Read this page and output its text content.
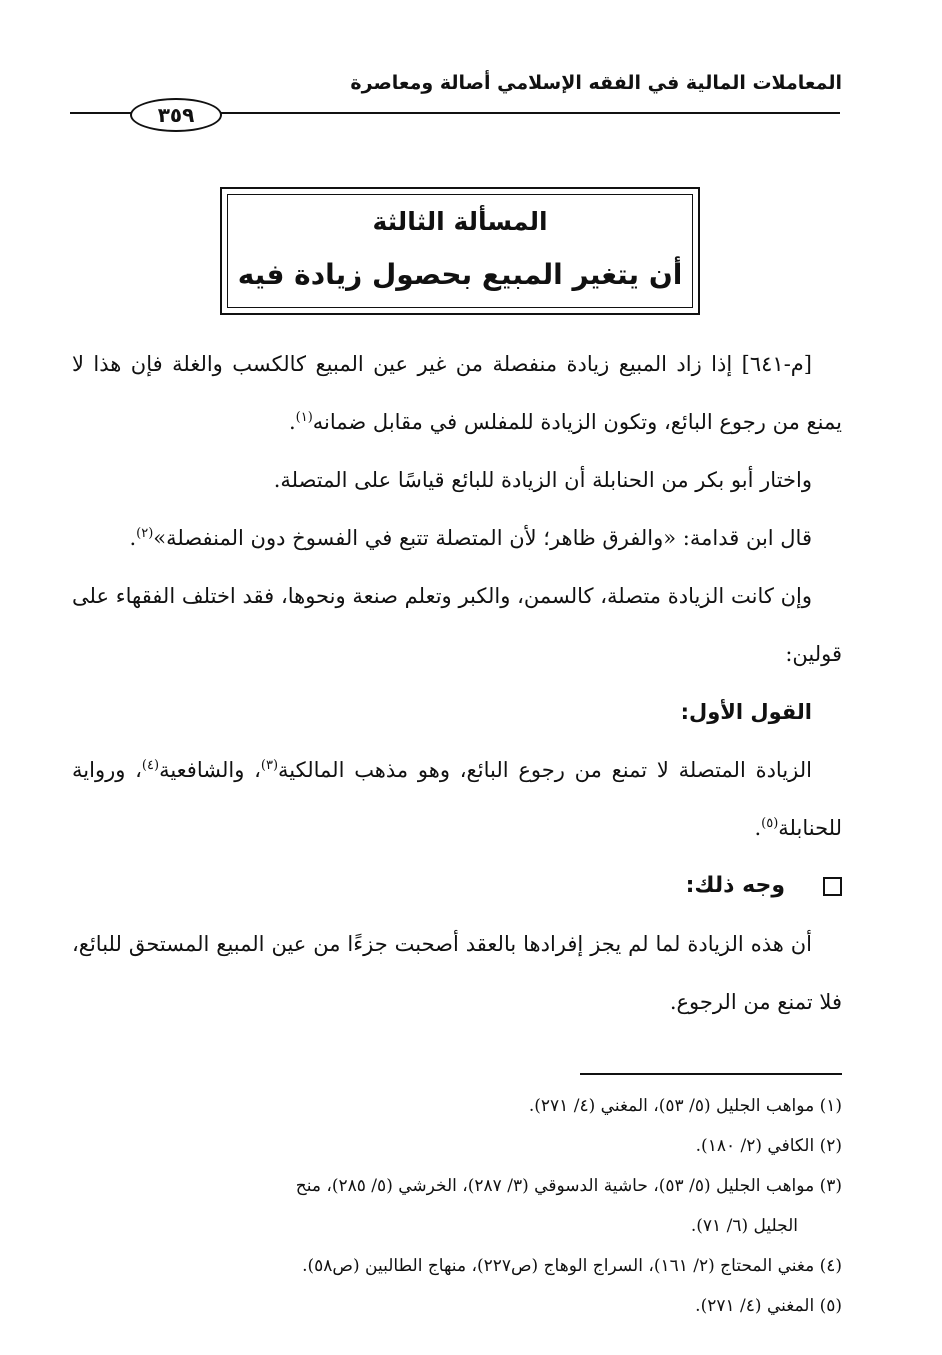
المعاملات المالية في الفقه الإسلامي أصالة ومعاصرة
٣٥٩
المسألة الثالثة
أن يتغير المبيع بحصول زيادة فيه

[م-٦٤١] إذا زاد المبيع زيادة منفصلة من غير عين المبيع كالكسب والغلة فإن هذا لا يمنع من رجوع البائع، وتكون الزيادة للمفلس في مقابل ضمانه$^{(١)}$.

واختار أبو بكر من الحنابلة أن الزيادة للبائع قياسًا على المتصلة.

قال ابن قدامة: «والفرق ظاهر؛ لأن المتصلة تتبع في الفسوخ دون المنفصلة»$^{(٢)}$.

وإن كانت الزيادة متصلة، كالسمن، والكبر وتعلم صنعة ونحوها، فقد اختلف الفقهاء على قولين:

القول الأول:

الزيادة المتصلة لا تمنع من رجوع البائع، وهو مذهب المالكية$^{(٣)}$، والشافعية$^{(٤)}$، ورواية للحنابلة$^{(٥)}$.

وجه ذلك:

أن هذه الزيادة لما لم يجز إفرادها بالعقد أصحبت جزءًا من عين المبيع المستحق للبائع، فلا تمنع من الرجوع.

(١) مواهب الجليل (٥/ ٥٣)، المغني (٤/ ٢٧١).
(٢) الكافي (٢/ ١٨٠).
(٣) مواهب الجليل (٥/ ٥٣)، حاشية الدسوقي (٣/ ٢٨٧)، الخرشي (٥/ ٢٨٥)، منح
الجليل (٦/ ٧١).
(٤) مغني المحتاج (٢/ ١٦١)، السراج الوهاج (ص٢٢٧)، منهاج الطالبين (ص٥٨).
(٥) المغني (٤/ ٢٧١).
